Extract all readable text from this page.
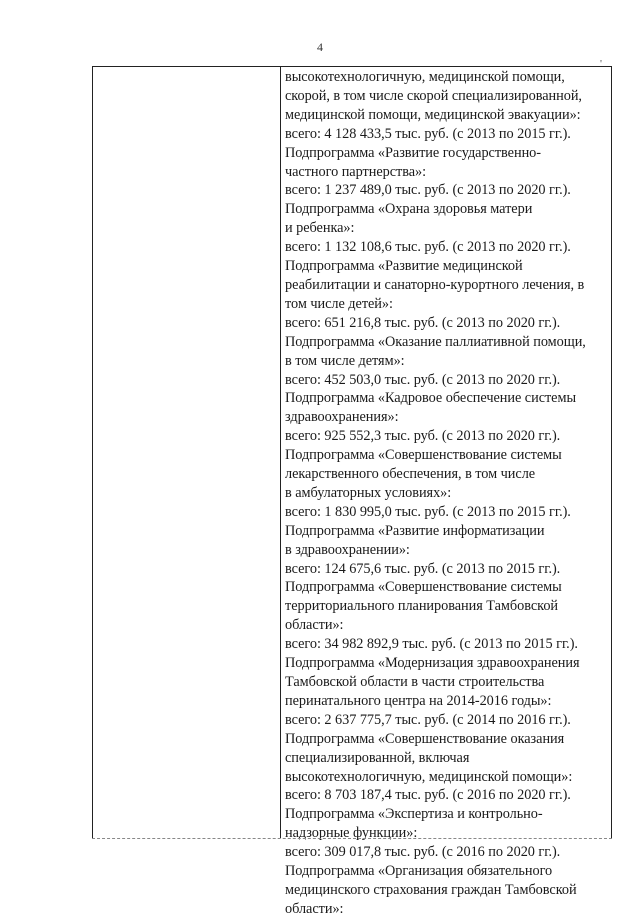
4
'
высокотехнологичную, медицинской помощи,
скорой, в том числе скорой специализированной,
медицинской помощи, медицинской эвакуации»:
всего: 4 128 433,5 тыс. руб. (с 2013 по 2015 гг.).
Подпрограмма «Развитие государственно-
частного партнерства»:
всего: 1 237 489,0 тыс. руб. (с 2013 по 2020 гг.).
Подпрограмма «Охрана здоровья матери
и ребенка»:
всего: 1 132 108,6 тыс. руб. (с 2013 по 2020 гг.).
Подпрограмма «Развитие медицинской
реабилитации и санаторно-курортного лечения, в
том числе детей»:
всего: 651 216,8 тыс. руб. (с 2013 по 2020 гг.).
Подпрограмма «Оказание паллиативной помощи,
в том числе детям»:
всего: 452 503,0 тыс. руб. (с 2013 по 2020 гг.).
Подпрограмма «Кадровое обеспечение системы
здравоохранения»:
всего: 925 552,3 тыс. руб. (с 2013 по 2020 гг.).
Подпрограмма «Совершенствование системы
лекарственного обеспечения, в том числе
в амбулаторных условиях»:
всего: 1 830 995,0 тыс. руб. (с 2013 по 2015 гг.).
Подпрограмма «Развитие информатизации
в здравоохранении»:
всего: 124 675,6 тыс. руб. (с 2013 по 2015 гг.).
Подпрограмма «Совершенствование системы
территориального планирования Тамбовской
области»:
всего: 34 982 892,9 тыс. руб. (с 2013 по 2015 гг.).
Подпрограмма «Модернизация здравоохранения
Тамбовской области в части строительства
перинатального центра на 2014-2016 годы»:
всего: 2 637 775,7 тыс. руб. (с 2014 по 2016 гг.).
Подпрограмма «Совершенствование оказания
специализированной, включая
высокотехнологичную, медицинской помощи»:
всего: 8 703 187,4 тыс. руб. (с 2016 по 2020 гг.).
Подпрограмма «Экспертиза и контрольно-
надзорные функции»:
всего: 309 017,8 тыс. руб. (с 2016 по 2020 гг.).
Подпрограмма «Организация обязательного
медицинского страхования граждан Тамбовской
области»:
